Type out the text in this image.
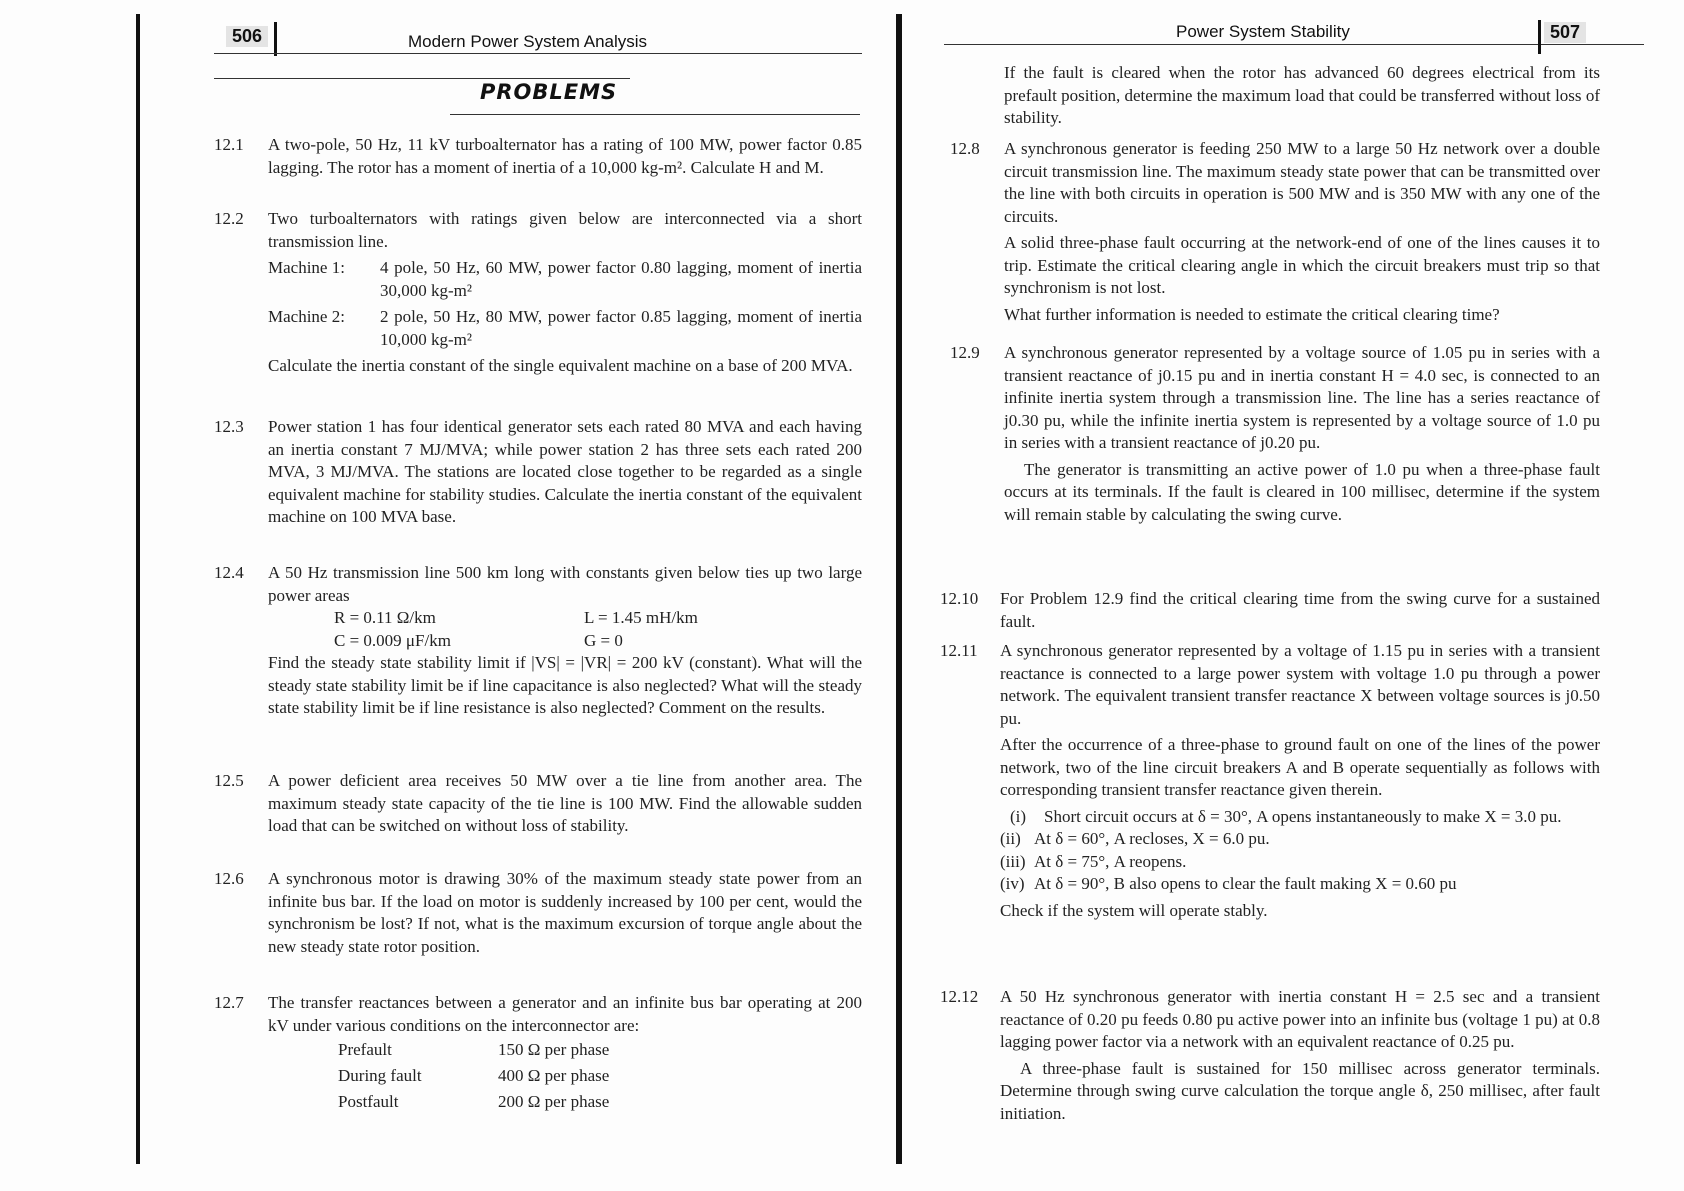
506	Modern Power System Analysis
PROBLEMS
12.1 A two-pole, 50 Hz, 11 kV turboalternator has a rating of 100 MW, power factor 0.85 lagging. The rotor has a moment of inertia of a 10,000 kg-m². Calculate H and M.

12.2 Two turboalternators with ratings given below are interconnected via a short transmission line.

Machine 1: 4 pole, 50 Hz, 60 MW, power factor 0.80 lagging, moment of inertia 30,000 kg-m²
Machine 2: 2 pole, 50 Hz, 80 MW, power factor 0.85 lagging, moment of inertia 10,000 kg-m²

Calculate the inertia constant of the single equivalent machine on a base of 200 MVA.

12.3 Power station 1 has four identical generator sets each rated 80 MVA and each having an inertia constant 7 MJ/MVA; while power station 2 has three sets each rated 200 MVA, 3 MJ/MVA. The stations are located close together to be regarded as a single equivalent machine for stability studies. Calculate the inertia constant of the equivalent machine on 100 MVA base.

12.4 A 50 Hz transmission line 500 km long with constants given below ties up two large power areas

R = 0.11 Ω/km	L = 1.45 mH/km
C = 0.009 μF/km	G = 0

Find the steady state stability limit if |VS| = |VR| = 200 kV (constant). What will the steady state stability limit be if line capacitance is also neglected? What will the steady state stability limit be if line resistance is also neglected? Comment on the results.

12.5 A power deficient area receives 50 MW over a tie line from another area. The maximum steady state capacity of the tie line is 100 MW. Find the allowable sudden load that can be switched on without loss of stability.

12.6 A synchronous motor is drawing 30% of the maximum steady state power from an infinite bus bar. If the load on motor is suddenly increased by 100 per cent, would the synchronism be lost? If not, what is the maximum excursion of torque angle about the new steady state rotor position.

12.7 The transfer reactances between a generator and an infinite bus bar operating at 200 kV under various conditions on the interconnector are:

Prefault	150 Ω per phase
During fault	400 Ω per phase
Postfault	200 Ω per phase
Power System Stability	507

If the fault is cleared when the rotor has advanced 60 degrees electrical from its prefault position, determine the maximum load that could be transferred without loss of stability.

12.8 A synchronous generator is feeding 250 MW to a large 50 Hz network over a double circuit transmission line. The maximum steady state power that can be transmitted over the line with both circuits in operation is 500 MW and is 350 MW with any one of the circuits.

A solid three-phase fault occurring at the network-end of one of the lines causes it to trip. Estimate the critical clearing angle in which the circuit breakers must trip so that synchronism is not lost.

What further information is needed to estimate the critical clearing time?

12.9 A synchronous generator represented by a voltage source of 1.05 pu in series with a transient reactance of j0.15 pu and in inertia constant H = 4.0 sec, is connected to an infinite inertia system through a transmission line. The line has a series reactance of j0.30 pu, while the infinite inertia system is represented by a voltage source of 1.0 pu in series with a transient reactance of j0.20 pu.

The generator is transmitting an active power of 1.0 pu when a three-phase fault occurs at its terminals. If the fault is cleared in 100 millisec, determine if the system will remain stable by calculating the swing curve.

12.10 For Problem 12.9 find the critical clearing time from the swing curve for a sustained fault.

12.11 A synchronous generator represented by a voltage of 1.15 pu in series with a transient reactance is connected to a large power system with voltage 1.0 pu through a power network. The equivalent transient transfer reactance X between voltage sources is j0.50 pu.

After the occurrence of a three-phase to ground fault on one of the lines of the power network, two of the line circuit breakers A and B operate sequentially as follows with corresponding transient transfer reactance given therein.

(i) Short circuit occurs at δ = 30°, A opens instantaneously to make X = 3.0 pu.
(ii) At δ = 60°, A recloses, X = 6.0 pu.
(iii) At δ = 75°, A reopens.
(iv) At δ = 90°, B also opens to clear the fault making X = 0.60 pu

Check if the system will operate stably.

12.12 A 50 Hz synchronous generator with inertia constant H = 2.5 sec and a transient reactance of 0.20 pu feeds 0.80 pu active power into an infinite bus (voltage 1 pu) at 0.8 lagging power factor via a network with an equivalent reactance of 0.25 pu.

A three-phase fault is sustained for 150 millisec across generator terminals. Determine through swing curve calculation the torque angle δ, 250 millisec, after fault initiation.
